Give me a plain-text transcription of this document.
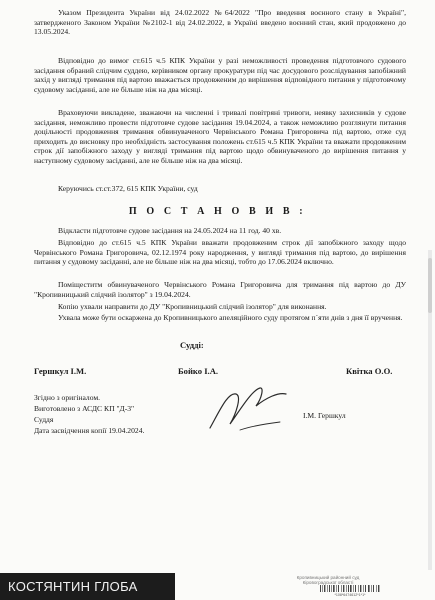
Указом Президента України від 24.02.2022 №64/2022 "Про введення воєнного стану в Україні", затвердженого Законом України №2102-1 від 24.02.2022, в Україні введено воєнний стан, який продовжено до 13.05.2024.
Відповідно до вимог ст.615 ч.5 КПК України у разі неможливості проведення підготовчого судового засідання обраний слідчим суддею, керівником органу прокуратури під час досудового розслідування запобіжний захід у вигляді тримання під вартою вважається продовженим до вирішення відповідного питання у підготовчому судовому засіданні, але не більше ніж на два місяці.
Враховуючи викладене, зважаючи на численні і тривалі повітряні тривоги, неявку захисників у судове засідання, неможливо провести підготовче судове засідання 19.04.2024, а також неможливо розглянути питання доцільності продовження тримання обвинуваченого Червінського Романа Григоровича під вартою, отже суд приходить до висновку про необхідність застосування положень ст.615 ч.5 КПК України та вважати продовженим строк дії запобіжного заходу у вигляді тримання під вартою щодо обвинуваченого до вирішення питання у наступному судовому засіданні, але не більше ніж на два місяці.
Керуючись ст.ст.372, 615 КПК України, суд
П О С Т А Н О В И В :
Відкласти підготовче судове засідання на 24.05.2024 на 11 год. 40 хв.
Відповідно до ст.615 ч.5 КПК України вважати продовженим строк дії запобіжного заходу щодо Червінського Романа Григоровича, 02.12.1974 року народження, у вигляді тримання під вартою, до вирішення питання у судовому засіданні, але не більше ніж на два місяці, тобто до 17.06.2024 включно.
Поміщеститм обвинуваченого Червінського Романа Григоровича для тримання під вартою до ДУ "Кропивницький слідчий ізолятор" з 19.04.2024.
Копію ухвали направити до ДУ "Кропивницький слідчий ізолятор" для виконання.
Ухвала може бути оскаржена до Кропивницького апеляційного суду протягом п`яти днів з дня її вручення.
Судді:
Гершкул І.М.	Бойко І.А.	Квітка О.О.
Згідно з оригіналом.
Виготовлено з АСДС КП "Д-3"
Суддя	І.М. Гершкул
Дата засвідчення копії 19.04.2024.
Кропивницький районний суд
Кіровоградської області
*108*6474612*1*1*
КОСТЯНТИН ГЛОБА
